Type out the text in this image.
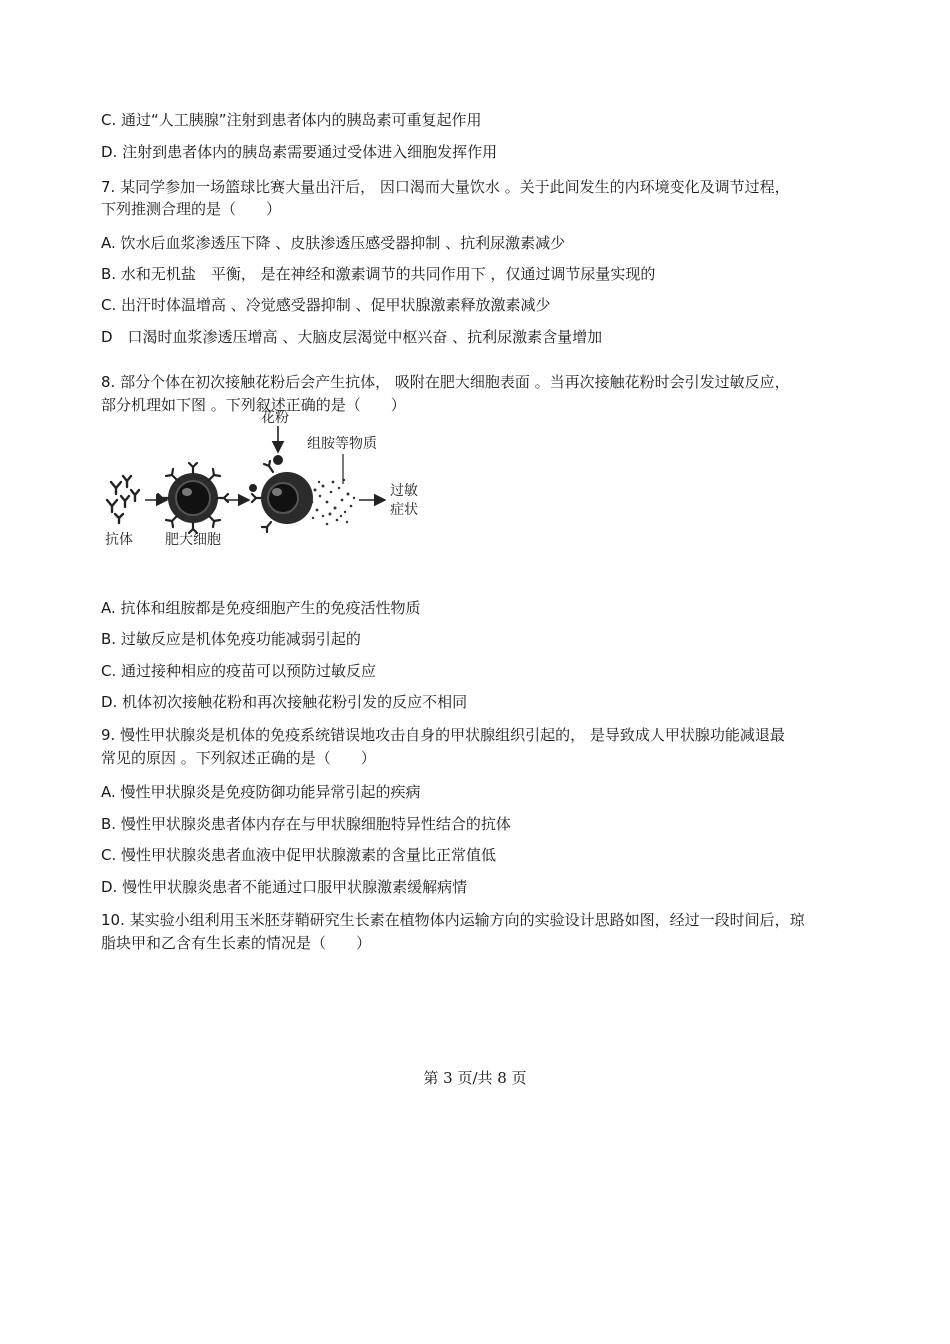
C. 通过“人工胰腺”注射到患者体内的胰岛素可重复起作用
D. 注射到患者体内的胰岛素需要通过受体进入细胞发挥作用
7. 某同学参加一场篮球比赛大量出汗后， 因口渴而大量饮水 。关于此间发生的内环境变化及调节过程，
下列推测合理的是（　　）
A. 饮水后血浆渗透压下降 、皮肤渗透压感受器抑制 、抗利尿激素减少
B. 水和无机盐　平衡， 是在神经和激素调节的共同作用下 ，仅通过调节尿量实现的
C. 出汗时体温增高 、冷觉感受器抑制 、促甲状腺激素释放激素减少
D　口渴时血浆渗透压增高 、大脑皮层渴觉中枢兴奋 、抗利尿激素含量增加
8. 部分个体在初次接触花粉后会产生抗体， 吸附在肥大细胞表面 。当再次接触花粉时会引发过敏反应，
部分机理如下图 。下列叙述正确的是（　　）
花粉
组胺等物质
过敏
症状
抗体 肥大细胞
A. 抗体和组胺都是免疫细胞产生的免疫活性物质
B. 过敏反应是机体免疫功能减弱引起的
C. 通过接种相应的疫苗可以预防过敏反应
D. 机体初次接触花粉和再次接触花粉引发的反应不相同
9. 慢性甲状腺炎是机体的免疫系统错误地攻击自身的甲状腺组织引起的， 是导致成人甲状腺功能减退最
常见的原因 。下列叙述正确的是（　　）
A. 慢性甲状腺炎是免疫防御功能异常引起的疾病
B. 慢性甲状腺炎患者体内存在与甲状腺细胞特异性结合的抗体
C. 慢性甲状腺炎患者血液中促甲状腺激素的含量比正常值低
D. 慢性甲状腺炎患者不能通过口服甲状腺激素缓解病情
10. 某实验小组利用玉米胚芽鞘研究生长素在植物体内运输方向的实验设计思路如图，经过一段时间后，琼
脂块甲和乙含有生长素的情况是（　　）
第 3 页/共 8 页
